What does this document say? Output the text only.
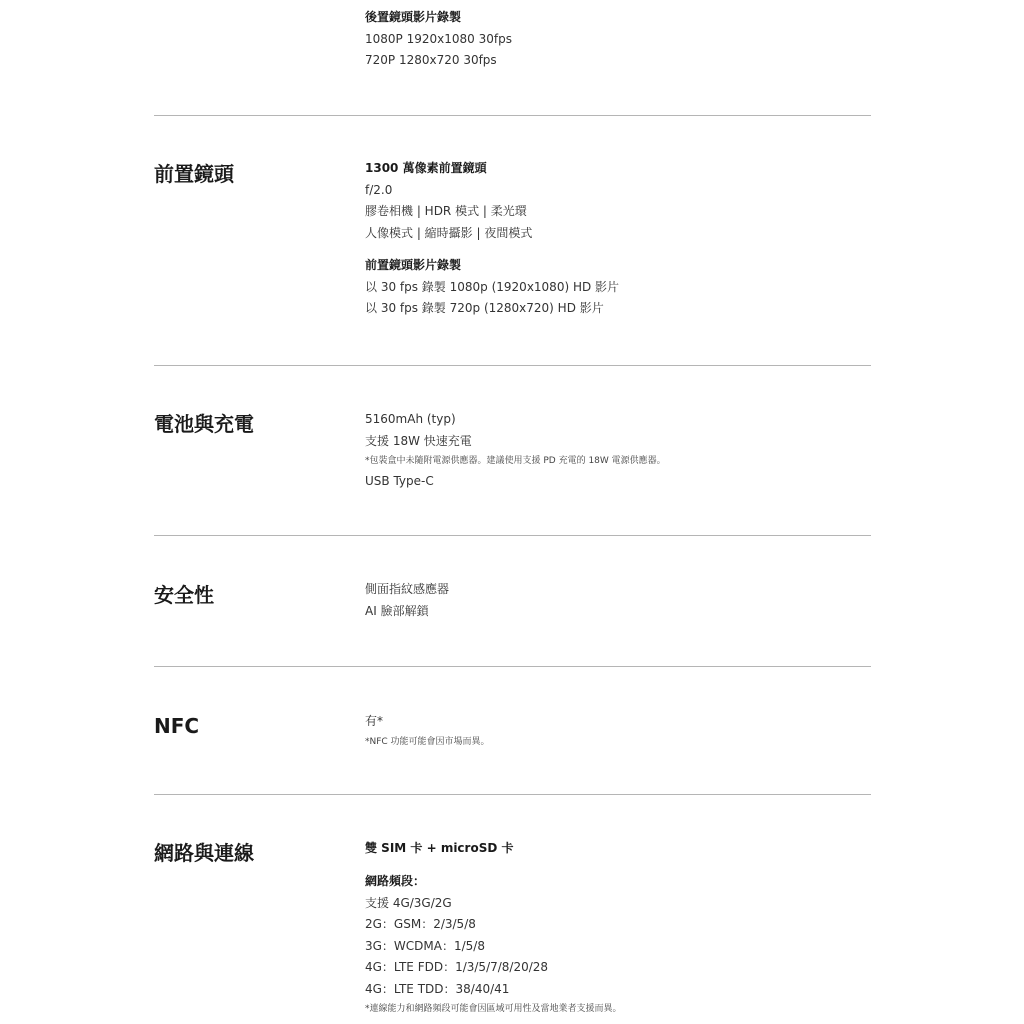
後置鏡頭影片錄製
1080P 1920x1080 30fps
720P 1280x720 30fps
前置鏡頭	1300 萬像素前置鏡頭
f/2.0
膠卷相機 | HDR 模式 | 柔光環
人像模式 | 縮時攝影 | 夜間模式
前置鏡頭影片錄製
以 30 fps 錄製 1080p (1920x1080) HD 影片
以 30 fps 錄製 720p (1280x720) HD 影片
電池與充電	5160mAh (typ)
支援 18W 快速充電
*包裝盒中未隨附電源供應器。建議使用支援 PD 充電的 18W 電源供應器。
USB Type-C
安全性	側面指紋感應器
AI 臉部解鎖
NFC	有*
*NFC 功能可能會因市場而異。
網路與連線	雙 SIM 卡 + microSD 卡
網路頻段：
支援 4G/3G/2G
2G：GSM：2/3/5/8
3G：WCDMA：1/5/8
4G：LTE FDD：1/3/5/7/8/20/28
4G：LTE TDD：38/40/41
*連線能力和網路頻段可能會因區域可用性及當地業者支援而異。
